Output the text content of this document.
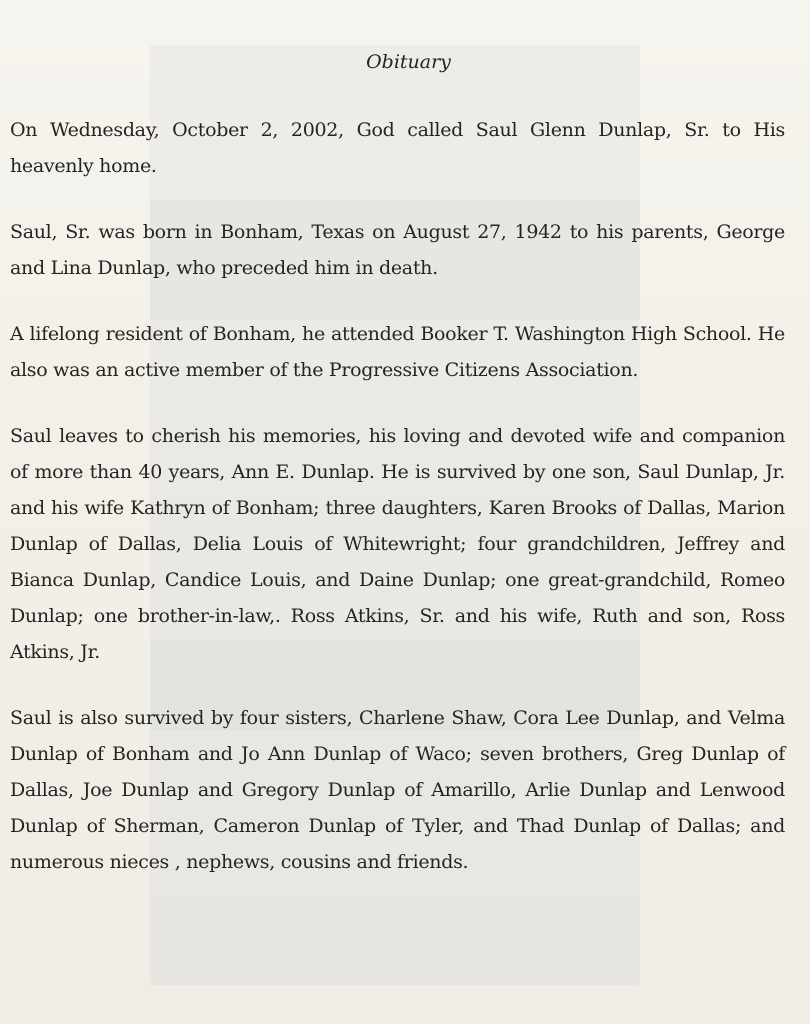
Obituary

On Wednesday, October 2, 2002, God called Saul Glenn Dunlap, Sr. to His heavenly home.

Saul, Sr. was born in Bonham, Texas on August 27, 1942 to his parents, George and Lina Dunlap, who preceded him in death.

A lifelong resident of Bonham, he attended Booker T. Washington High School. He also was an active member of the Progressive Citizens Association.

Saul leaves to cherish his memories, his loving and devoted wife and companion of more than 40 years, Ann E. Dunlap. He is survived by one son, Saul Dunlap, Jr. and his wife Kathryn of Bonham; three daughters, Karen Brooks of Dallas, Marion Dunlap of Dallas, Delia Louis of Whitewright; four grandchildren, Jeffrey and Bianca Dunlap, Candice Louis, and Daine Dunlap; one great-grandchild, Romeo Dunlap; one brother-in-law,. Ross Atkins, Sr. and his wife, Ruth and son, Ross Atkins, Jr.

Saul is also survived by four sisters, Charlene Shaw, Cora Lee Dunlap, and Velma Dunlap of Bonham and Jo Ann Dunlap of Waco; seven brothers, Greg Dunlap of Dallas, Joe Dunlap and Gregory Dunlap of Amarillo, Arlie Dunlap and Lenwood Dunlap of Sherman, Cameron Dunlap of Tyler, and Thad Dunlap of Dallas; and numerous nieces , nephews, cousins and friends.
